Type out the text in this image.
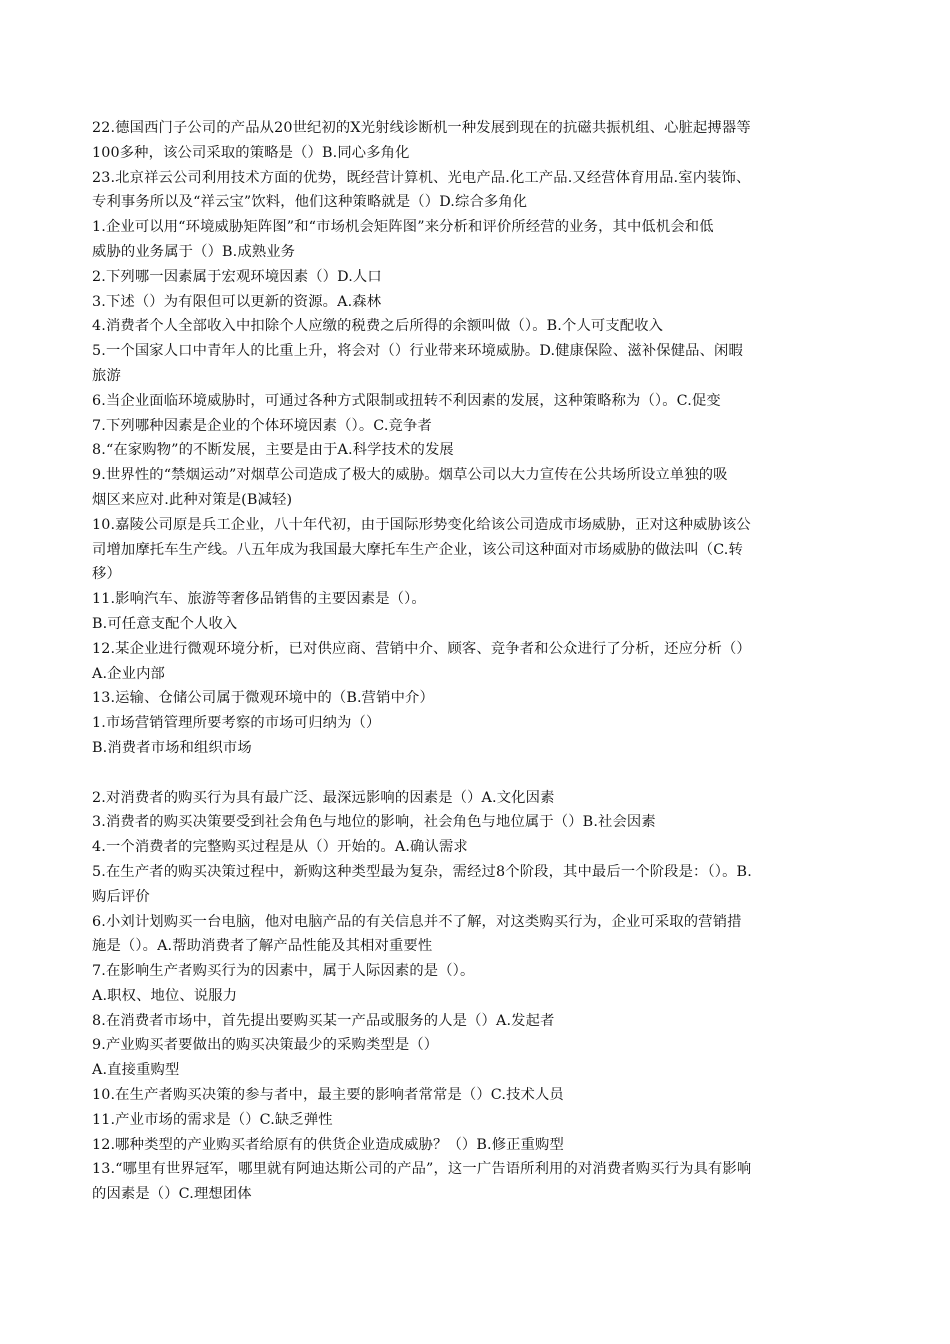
22.德国西门子公司的产品从20世纪初的X光射线诊断机一种发展到现在的抗磁共振机组、心脏起搏器等
100多种，该公司采取的策略是（）B.同心多角化
23.北京祥云公司利用技术方面的优势，既经营计算机、光电产品.化工产品.又经营体育用品.室内装饰、
专利事务所以及“祥云宝”饮料，他们这种策略就是（）D.综合多角化
1.企业可以用“环境威胁矩阵图”和“市场机会矩阵图”来分析和评价所经营的业务，其中低机会和低
威胁的业务属于（）B.成熟业务
2.下列哪一因素属于宏观环境因素（）D.人口
3.下述（）为有限但可以更新的资源。A.森林
4.消费者个人全部收入中扣除个人应缴的税费之后所得的余额叫做（）。B.个人可支配收入
5.一个国家人口中青年人的比重上升，将会对（）行业带来环境威胁。D.健康保险、滋补保健品、闲暇
旅游
6.当企业面临环境威胁时，可通过各种方式限制或扭转不利因素的发展，这种策略称为（）。C.促变
7.下列哪种因素是企业的个体环境因素（）。C.竞争者
8.“在家购物”的不断发展，主要是由于A.科学技术的发展
9.世界性的“禁烟运动”对烟草公司造成了极大的威胁。烟草公司以大力宣传在公共场所设立单独的吸
烟区来应对.此种对策是(B减轻)
10.嘉陵公司原是兵工企业，八十年代初，由于国际形势变化给该公司造成市场威胁，正对这种威胁该公
司增加摩托车生产线。八五年成为我国最大摩托车生产企业，该公司这种面对市场威胁的做法叫（C.转
移）
11.影响汽车、旅游等奢侈品销售的主要因素是（）。
B.可任意支配个人收入
12.某企业进行微观环境分析，已对供应商、营销中介、顾客、竞争者和公众进行了分析，还应分析（）
A.企业内部
13.运输、仓储公司属于微观环境中的（B.营销中介）
1.市场营销管理所要考察的市场可归纳为（）
B.消费者市场和组织市场
2.对消费者的购买行为具有最广泛、最深远影响的因素是（）A.文化因素
3.消费者的购买决策要受到社会角色与地位的影响，社会角色与地位属于（）B.社会因素
4.一个消费者的完整购买过程是从（）开始的。A.确认需求
5.在生产者的购买决策过程中，新购这种类型最为复杂，需经过8个阶段，其中最后一个阶段是：（）。B.
购后评价
6.小刘计划购买一台电脑，他对电脑产品的有关信息并不了解，对这类购买行为，企业可采取的营销措
施是（）。A.帮助消费者了解产品性能及其相对重要性
7.在影响生产者购买行为的因素中，属于人际因素的是（）。
A.职权、地位、说服力
8.在消费者市场中，首先提出要购买某一产品或服务的人是（）A.发起者
9.产业购买者要做出的购买决策最少的采购类型是（）
A.直接重购型
10.在生产者购买决策的参与者中，最主要的影响者常常是（）C.技术人员
11.产业市场的需求是（）C.缺乏弹性
12.哪种类型的产业购买者给原有的供货企业造成威胁？（）B.修正重购型
13.“哪里有世界冠军，哪里就有阿迪达斯公司的产品”，这一广告语所利用的对消费者购买行为具有影响
的因素是（）C.理想团体
